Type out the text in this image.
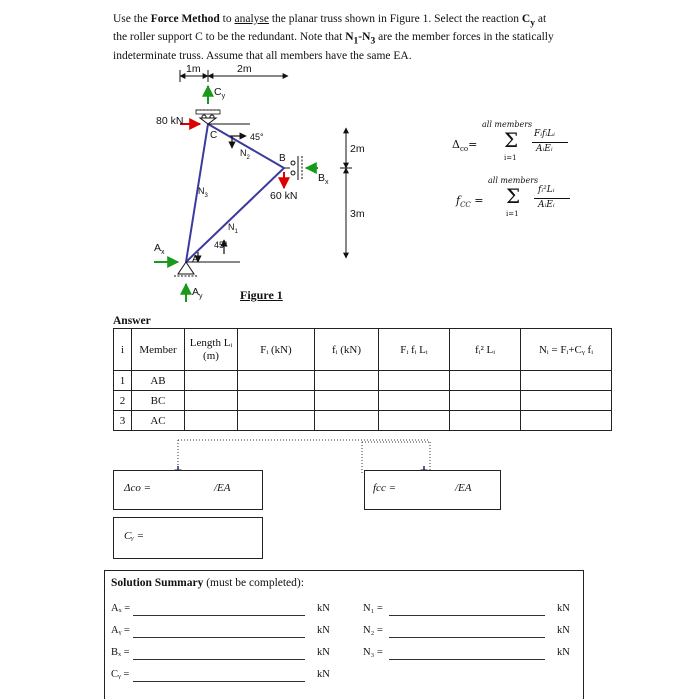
Use the Force Method to analyse the planar truss shown in Figure 1. Select the reaction $C_y$ at the roller support C to be the redundant. Note that $N_1-N_3$ are the member forces in the statically indeterminate truss. Assume that all members have the same EA.
1m	2m
2m
3m
80 kN
60 kN
45°
45°
C
B
A
$C_y$
$A_x$
$A_y$
$B_x$
$N_2$
$N_3$
$N_1$
Figure 1
all members
$\Delta_{co}= \Sigma$
i=1
FᵢfᵢLᵢ
AᵢEᵢ
all members
$f_{CC} = \Sigma$
i=1
fᵢ²Lᵢ
AᵢEᵢ
Answer
i	Member	Length Lᵢ (m)	Fᵢ (kN)	fᵢ (kN)	Fᵢ fᵢ Lᵢ	fᵢ² Lᵢ	Nᵢ = Fᵢ+Cᵧ fᵢ
1	AB						
2	BC						
3	AC						
Δco =	/EA	fcc =	/EA
Cᵧ =
Solution Summary (must be completed):
Aₓ =	kN
Aᵧ =	kN
Bₓ =	kN
Cᵧ =	kN
N₁ =	kN
N₂ =	kN
N₃ =	kN
